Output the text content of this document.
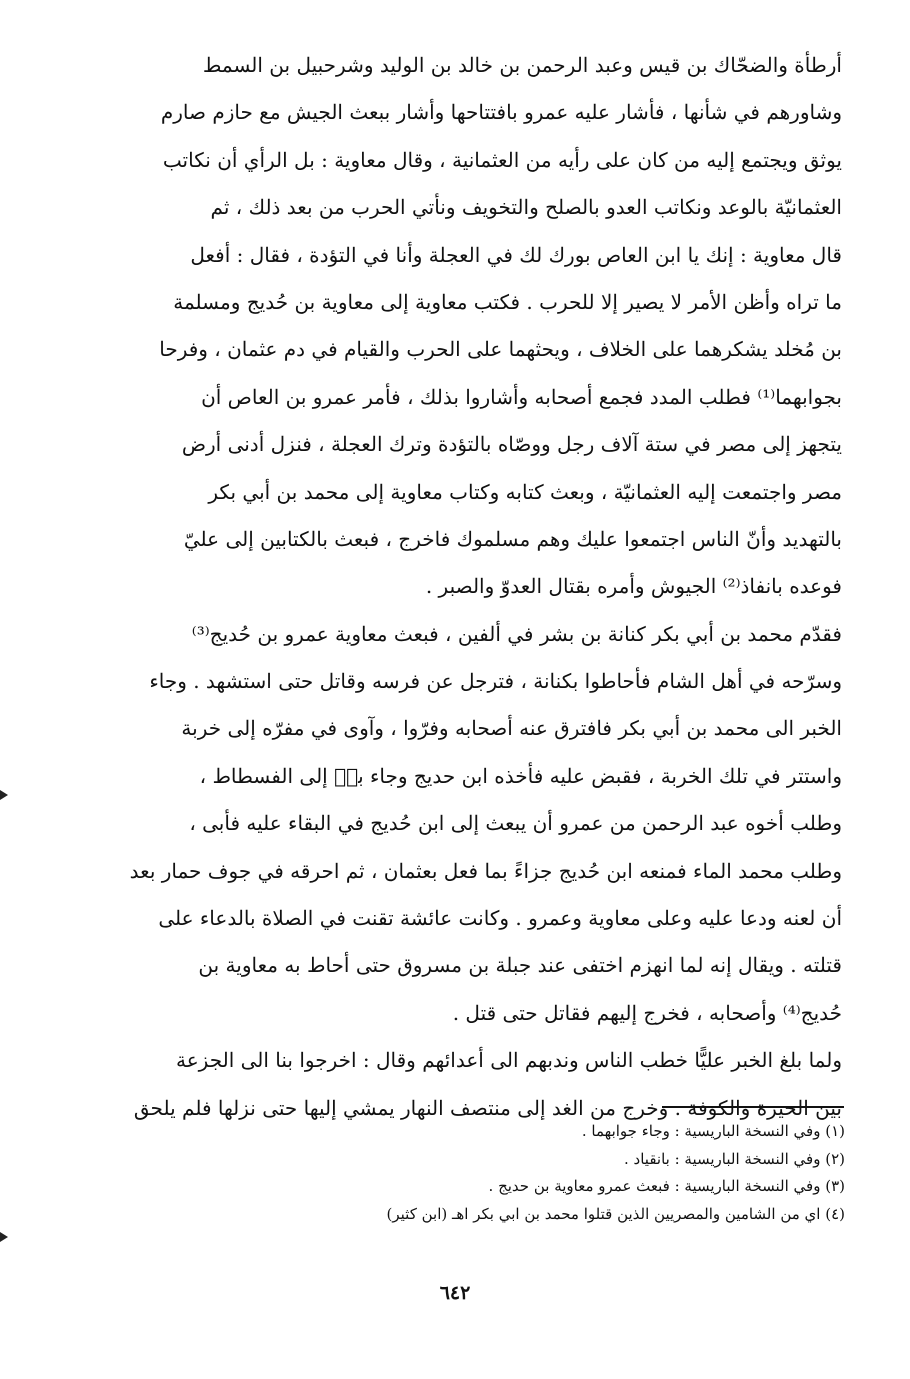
أرطأة والضحّاك بن قيس وعبد الرحمن بن خالد بن الوليد وشرحبيل بن السمط
وشاورهم في شأنها ، فأشار عليه عمرو بافتتاحها وأشار ببعث الجيش مع حازم صارم
يوثق ويجتمع إليه من كان على رأيه من العثمانية ، وقال معاوية : بل الرأي أن نكاتب
العثمانيّة بالوعد ونكاتب العدو بالصلح والتخويف ونأتي الحرب من بعد ذلك ، ثم
قال معاوية : إنك يا ابن العاص بورك لك في العجلة وأنا في التؤدة ، فقال : أفعل
ما تراه وأظن الأمر لا يصير إلا للحرب . فكتب معاوية إلى معاوية بن حُديج ومسلمة
بن مُخلد يشكرهما على الخلاف ، ويحثهما على الحرب والقيام في دم عثمان ، وفرحا
بجوابهما⁽¹⁾ فطلب المدد فجمع أصحابه وأشاروا بذلك ، فأمر عمرو بن العاص أن
يتجهز إلى مصر في ستة آلاف رجل ووصّاه بالتؤدة وترك العجلة ، فنزل أدنى أرض
مصر واجتمعت إليه العثمانيّة ، وبعث كتابه وكتاب معاوية إلى محمد بن أبي بكر
بالتهديد وأنّ الناس اجتمعوا عليك وهم مسلموك فاخرج ، فبعث بالكتابين إلى عليّ
فوعده بانفاذ⁽²⁾ الجيوش وأمره بقتال العدوّ والصبر .
فقدّم محمد بن أبي بكر كنانة بن بشر في ألفين ، فبعث معاوية عمرو بن حُديج⁽³⁾
وسرّحه في أهل الشام فأحاطوا بكنانة ، فترجل عن فرسه وقاتل حتى استشهد . وجاء
الخبر الى محمد بن أبي بكر فافترق عنه أصحابه وفرّوا ، وآوى في مفرّه إلى خربة
واستتر في تلك الخربة ، فقبض عليه فأخذه ابن حديج وجاء بهٖ إلى الفسطاط ،
وطلب أخوه عبد الرحمن من عمرو أن يبعث إلى ابن حُديج في البقاء عليه فأبى ،
وطلب محمد الماء فمنعه ابن حُديج جزاءً بما فعل بعثمان ، ثم احرقه في جوف حمار بعد
أن لعنه ودعا عليه وعلى معاوية وعمرو . وكانت عائشة تقنت في الصلاة بالدعاء على
قتلته . ويقال إنه لما انهزم اختفى عند جبلة بن مسروق حتى أحاط به معاوية بن
حُديج⁽⁴⁾ وأصحابه ، فخرج إليهم فقاتل حتى قتل .
ولما بلغ الخبر عليًّا خطب الناس وندبهم الى أعدائهم وقال : اخرجوا بنا الى الجزعة
بين الحيرة والكوفة . وخرج من الغد إلى منتصف النهار يمشي إليها حتى نزلها فلم يلحق
(١) وفي النسخة الباريسية : وجاء جوابهما .
(٢) وفي النسخة الباريسية : بانقياد .
(٣) وفي النسخة الباريسية : فبعث عمرو معاوية بن حديج .
(٤) اي من الشامين والمصريين الذين قتلوا محمد بن ابي بكر اهـ (ابن كثير)
٦٤٢
